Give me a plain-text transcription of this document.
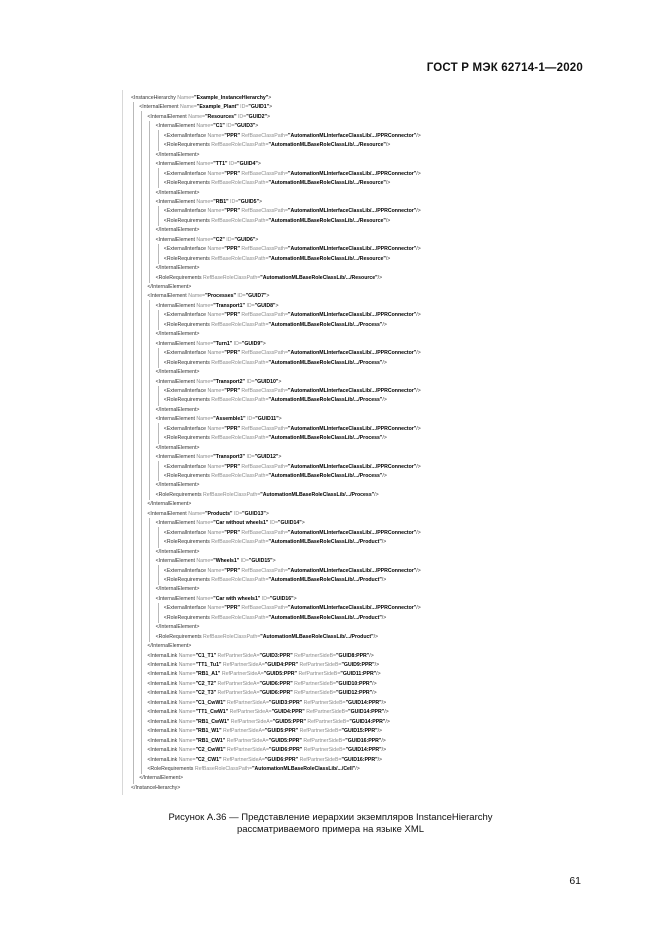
ГОСТ Р МЭК 62714-1—2020
<InstanceHierarchy Name="Example_InstanceHierarchy">
<InternalElement Name="Example_Plant" ID="GUID1">
<InternalElement Name="Resources" ID="GUID2">
<InternalElement Name="C1" ID="GUID3">
<ExternalInterface Name="PPR" RefBaseClassPath="AutomationMLInterfaceClassLib/.../PPRConnector"/>
<RoleRequirements RefBaseRoleClassPath="AutomationMLBaseRoleClassLib/.../Resource"/>
</InternalElement>
<InternalElement Name="TT1" ID="GUID4">
<ExternalInterface Name="PPR" RefBaseClassPath="AutomationMLInterfaceClassLib/.../PPRConnector"/>
<RoleRequirements RefBaseRoleClassPath="AutomationMLBaseRoleClassLib/.../Resource"/>
</InternalElement>
<InternalElement Name="RB1" ID="GUID5">
<ExternalInterface Name="PPR" RefBaseClassPath="AutomationMLInterfaceClassLib/.../PPRConnector"/>
<RoleRequirements RefBaseRoleClassPath="AutomationMLBaseRoleClassLib/.../Resource"/>
</InternalElement>
<InternalElement Name="C2" ID="GUID6">
<ExternalInterface Name="PPR" RefBaseClassPath="AutomationMLInterfaceClassLib/.../PPRConnector"/>
<RoleRequirements RefBaseRoleClassPath="AutomationMLBaseRoleClassLib/.../Resource"/>
</InternalElement>
<RoleRequirements RefBaseRoleClassPath="AutomationMLBaseRoleClassLib/.../Resource"/>
</InternalElement>
<InternalElement Name="Processes" ID="GUID7">
<InternalElement Name="Transport1" ID="GUID8">
<ExternalInterface Name="PPR" RefBaseClassPath="AutomationMLInterfaceClassLib/.../PPRConnector"/>
<RoleRequirements RefBaseRoleClassPath="AutomationMLBaseRoleClassLib/.../Process"/>
</InternalElement>
<InternalElement Name="Turn1" ID="GUID9">
<ExternalInterface Name="PPR" RefBaseClassPath="AutomationMLInterfaceClassLib/.../PPRConnector"/>
<RoleRequirements RefBaseRoleClassPath="AutomationMLBaseRoleClassLib/.../Process"/>
</InternalElement>
<InternalElement Name="Transport2" ID="GUID10">
<ExternalInterface Name="PPR" RefBaseClassPath="AutomationMLInterfaceClassLib/.../PPRConnector"/>
<RoleRequirements RefBaseRoleClassPath="AutomationMLBaseRoleClassLib/.../Process"/>
</InternalElement>
<InternalElement Name="Assemble1" ID="GUID11">
<ExternalInterface Name="PPR" RefBaseClassPath="AutomationMLInterfaceClassLib/.../PPRConnector"/>
<RoleRequirements RefBaseRoleClassPath="AutomationMLBaseRoleClassLib/.../Process"/>
</InternalElement>
<InternalElement Name="Transport3" ID="GUID12">
<ExternalInterface Name="PPR" RefBaseClassPath="AutomationMLInterfaceClassLib/.../PPRConnector"/>
<RoleRequirements RefBaseRoleClassPath="AutomationMLBaseRoleClassLib/.../Process"/>
</InternalElement>
<RoleRequirements RefBaseRoleClassPath="AutomationMLBaseRoleClassLib/.../Process"/>
</InternalElement>
<InternalElement Name="Products" ID="GUID13">
<InternalElement Name="Car without wheels1" ID="GUID14">
<ExternalInterface Name="PPR" RefBaseClassPath="AutomationMLInterfaceClassLib/.../PPRConnector"/>
<RoleRequirements RefBaseRoleClassPath="AutomationMLBaseRoleClassLib/.../Product"/>
</InternalElement>
<InternalElement Name="Wheels1" ID="GUID15">
<ExternalInterface Name="PPR" RefBaseClassPath="AutomationMLInterfaceClassLib/.../PPRConnector"/>
<RoleRequirements RefBaseRoleClassPath="AutomationMLBaseRoleClassLib/.../Product"/>
</InternalElement>
<InternalElement Name="Car with wheels1" ID="GUID16">
<ExternalInterface Name="PPR" RefBaseClassPath="AutomationMLInterfaceClassLib/.../PPRConnector"/>
<RoleRequirements RefBaseRoleClassPath="AutomationMLBaseRoleClassLib/.../Product"/>
</InternalElement>
<RoleRequirements RefBaseRoleClassPath="AutomationMLBaseRoleClassLib/.../Product"/>
</InternalElement>
<InternalLink Name="C1_T1" RefPartnerSideA="GUID3:PPR" RefPartnerSideB="GUID8:PPR"/>
<InternalLink Name="TT1_Tu1" RefPartnerSideA="GUID4:PPR" RefPartnerSideB="GUID9:PPR"/>
<InternalLink Name="RB1_A1" RefPartnerSideA="GUID5:PPR" RefPartnerSideB="GUID11:PPR"/>
<InternalLink Name="C2_T2" RefPartnerSideA="GUID6:PPR" RefPartnerSideB="GUID10:PPR"/>
<InternalLink Name="C2_T3" RefPartnerSideA="GUID6:PPR" RefPartnerSideB="GUID12:PPR"/>
<InternalLink Name="C1_CwW1" RefPartnerSideA="GUID3:PPR" RefPartnerSideB="GUID14:PPR"/>
<InternalLink Name="TT1_CwW1" RefPartnerSideA="GUID4:PPR" RefPartnerSideB="GUID14:PPR"/>
<InternalLink Name="RB1_CwW1" RefPartnerSideA="GUID5:PPR" RefPartnerSideB="GUID14:PPR"/>
<InternalLink Name="RB1_W1" RefPartnerSideA="GUID5:PPR" RefPartnerSideB="GUID15:PPR"/>
<InternalLink Name="RB1_CW1" RefPartnerSideA="GUID5:PPR" RefPartnerSideB="GUID16:PPR"/>
<InternalLink Name="C2_CwW1" RefPartnerSideA="GUID6:PPR" RefPartnerSideB="GUID14:PPR"/>
<InternalLink Name="C2_CW1" RefPartnerSideA="GUID6:PPR" RefPartnerSideB="GUID16:PPR"/>
<RoleRequirements RefBaseRoleClassPath="AutomationMLBaseRoleClassLib/.../Cell"/>
</InternalElement>
</InstanceHierarchy>
Рисунок А.36 — Представление иерархии экземпляров InstanceHierarchy
рассматриваемого примера на языке XML
61
